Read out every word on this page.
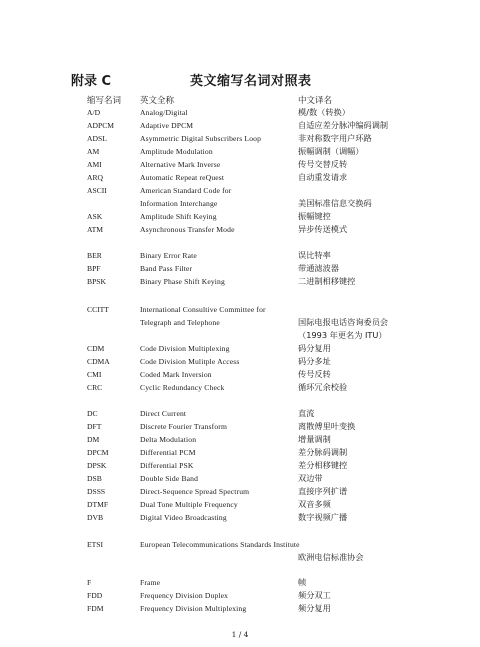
附录 C	英文缩写名词对照表
缩写名词 英文全称	中文译名
A/D	Analog/Digital	模/数（转换）
ADPCM	Adaptive DPCM	自适应差分脉冲编码调制
ADSL	Asymmetric Digital Subscribers Loop	非对称数字用户环路
AM	Amplitude Modulation	振幅调制（调幅）
AMI	Alternative Mark Inverse	传号交替反转
ARQ	Automatic Repeat reQuest	自动重发请求
ASCII	American Standard Code for
Information Interchange	美国标准信息交换码
ASK	Amplitude Shift Keying	振幅键控
ATM	Asynchronous Transfer Mode	异步传送模式
BER	Binary Error Rate	误比特率
BPF	Band Pass Filter	带通滤波器
BPSK	Binary Phase Shift Keying	二进制相移键控
CCITT	International Consultive Committee for
Telegraph and Telephone	国际电报电话咨询委员会
（1993 年更名为 ITU）
CDM	Code Division Multiplexing	码分复用
CDMA	Code Division Mulitple Access	码分多址
CMI	Coded Mark Inversion	传号反转
CRC	Cyclic Redundancy Check	循环冗余校验
DC	Direct Current	直流
DFT	Discrete Fourier Transform	离散傅里叶变换
DM	Delta Modulation	增量调制
DPCM	Differential PCM	差分脉码调制
DPSK	Differential PSK	差分相移键控
DSB	Double Side Band	双边带
DSSS	Direct-Sequence Spread Spectrum	直接序列扩谱
DTMF	Dual Tone Multiple Frequency	双音多频
DVB	Digital Video Broadcasting	数字视频广播
ETSI	European Telecommunications Standards Institute
欧洲电信标准协会
F	Frame	帧
FDD	Frequency Division Duplex	频分双工
FDM	Frequency Division Multiplexing	频分复用
1 / 4
